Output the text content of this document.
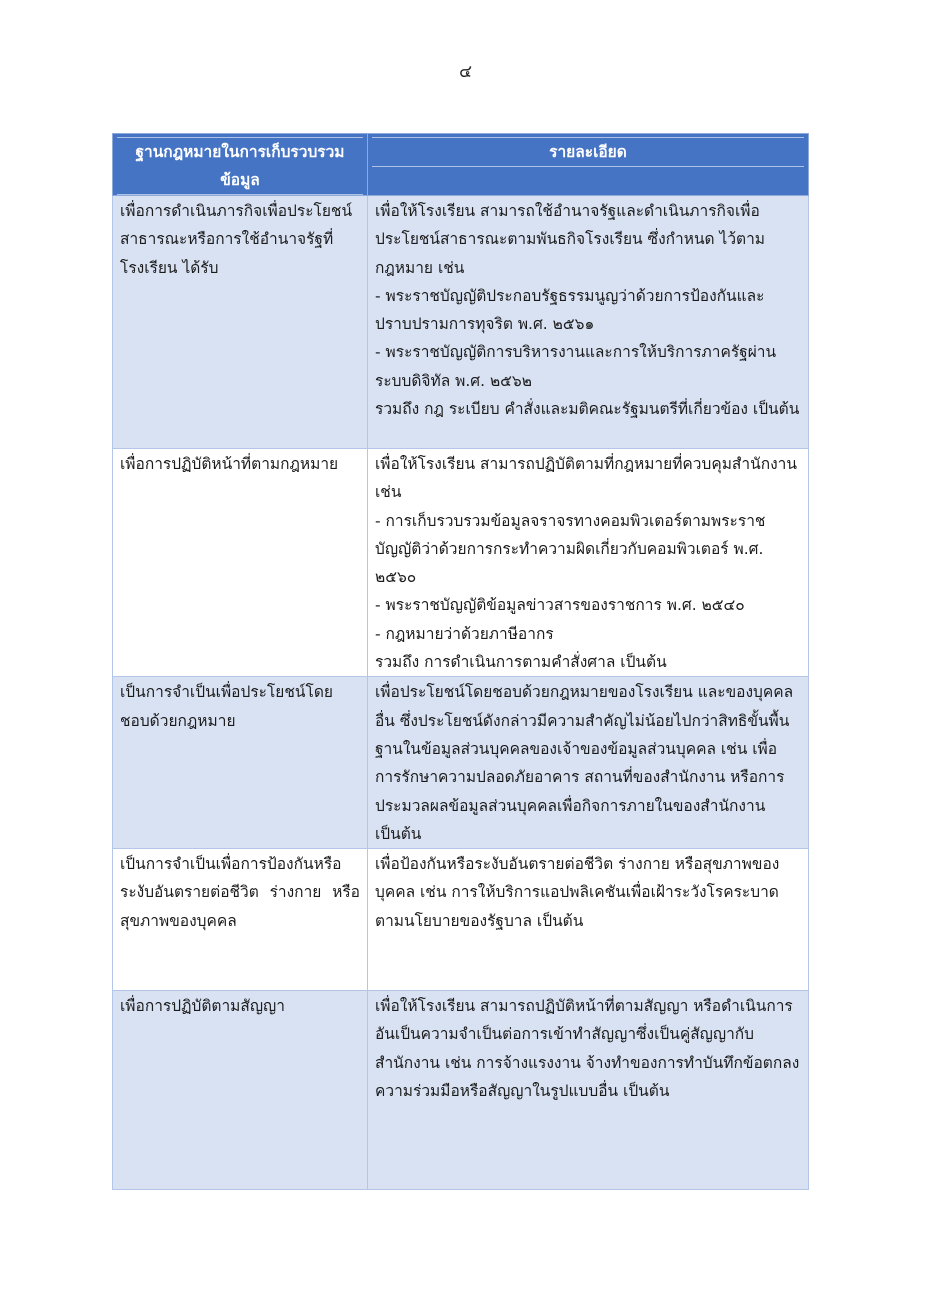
๔
ฐานกฎหมายในการเก็บรวบรวมข้อมูล	รายละเอียด

เพื่อการดำเนินภารกิจเพื่อประโยชน์สาธารณะหรือการใช้อำนาจรัฐที่โรงเรียน ได้รับ	เพื่อให้โรงเรียน สามารถใช้อำนาจรัฐและดำเนินภารกิจเพื่อประโยชน์สาธารณะตามพันธกิจโรงเรียน ซึ่งกำหนด ไว้ตามกฎหมาย เช่น
- พระราชบัญญัติประกอบรัฐธรรมนูญว่าด้วยการป้องกันและปราบปรามการทุจริต พ.ศ. ๒๕๖๑
- พระราชบัญญัติการบริหารงานและการให้บริการภาครัฐผ่านระบบดิจิทัล พ.ศ. ๒๕๖๒
รวมถึง กฎ ระเบียบ คำสั่งและมติคณะรัฐมนตรีที่เกี่ยวข้อง เป็นต้น

เพื่อการปฏิบัติหน้าที่ตามกฎหมาย	เพื่อให้โรงเรียน สามารถปฏิบัติตามที่กฎหมายที่ควบคุมสำนักงาน เช่น
- การเก็บรวบรวมข้อมูลจราจรทางคอมพิวเตอร์ตามพระราชบัญญัติว่าด้วยการกระทำความผิดเกี่ยวกับคอมพิวเตอร์ พ.ศ. ๒๕๖๐
- พระราชบัญญัติข้อมูลข่าวสารของราชการ พ.ศ. ๒๕๔๐
- กฎหมายว่าด้วยภาษีอากร
รวมถึง การดำเนินการตามคำสั่งศาล เป็นต้น

เป็นการจำเป็นเพื่อประโยชน์โดยชอบด้วยกฎหมาย	เพื่อประโยชน์โดยชอบด้วยกฎหมายของโรงเรียน และของบุคคลอื่น ซึ่งประโยชน์ดังกล่าวมีความสำคัญไม่น้อยไปกว่าสิทธิขั้นพื้นฐานในข้อมูลส่วนบุคคลของเจ้าของข้อมูลส่วนบุคคล เช่น เพื่อการรักษาความปลอดภัยอาคาร สถานที่ของสำนักงาน หรือการประมวลผลข้อมูลส่วนบุคคลเพื่อกิจการภายในของสำนักงาน เป็นต้น

เป็นการจำเป็นเพื่อการป้องกันหรือระงับอันตรายต่อชีวิต ร่างกาย หรือสุขภาพของบุคคล	เพื่อป้องกันหรือระงับอันตรายต่อชีวิต ร่างกาย หรือสุขภาพของบุคคล เช่น การให้บริการแอปพลิเคชันเพื่อเฝ้าระวังโรคระบาดตามนโยบายของรัฐบาล เป็นต้น

เพื่อการปฏิบัติตามสัญญา	เพื่อให้โรงเรียน สามารถปฏิบัติหน้าที่ตามสัญญา หรือดำเนินการอันเป็นความจำเป็นต่อการเข้าทำสัญญาซึ่งเป็นคู่สัญญากับสำนักงาน เช่น การจ้างแรงงาน จ้างทำของการทำบันทึกข้อตกลงความร่วมมือหรือสัญญาในรูปแบบอื่น เป็นต้น
